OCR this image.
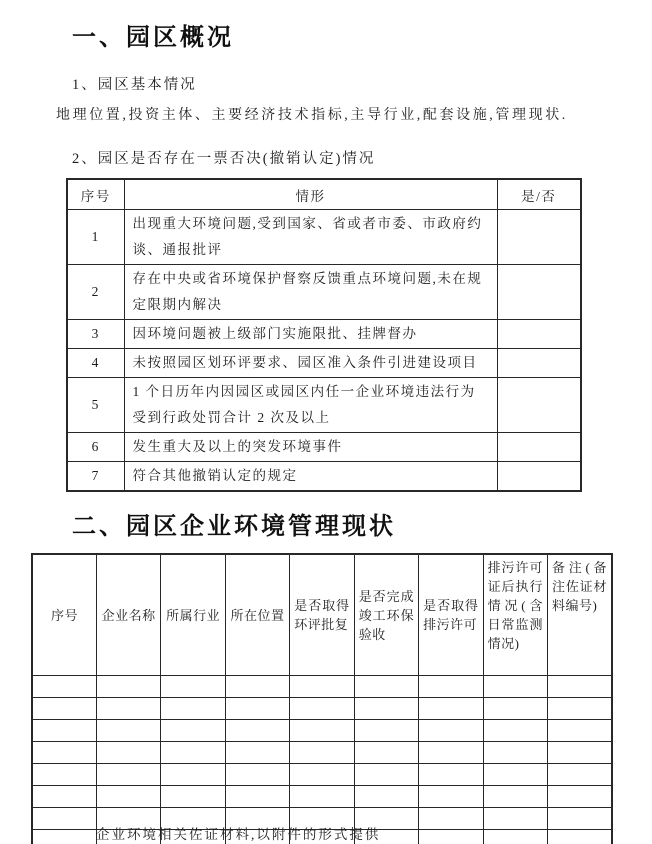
一、园区概况
1、园区基本情况
地理位置,投资主体、主要经济技术指标,主导行业,配套设施,管理现状.
2、园区是否存在一票否决(撤销认定)情况
序号	情形	是/否
1	出现重大环境问题,受到国家、省或者市委、市政府约谈、通报批评	
2	存在中央或省环境保护督察反馈重点环境问题,未在规定限期内解决	
3	因环境问题被上级部门实施限批、挂牌督办	
4	未按照园区划环评要求、园区准入条件引进建设项目	
5	1 个日历年内因园区或园区内任一企业环境违法行为受到行政处罚合计 2 次及以上	
6	发生重大及以上的突发环境事件	
7	符合其他撤销认定的规定	
二、园区企业环境管理现状
序号	企业名称	所属行业	所在位置	是否取得环评批复	是否完成竣工环保验收	是否取得排污许可	排污许可证后执行情况(含日常监测情况)	备注(备注佐证材料编号)

企业环境相关佐证材料,以附件的形式提供
